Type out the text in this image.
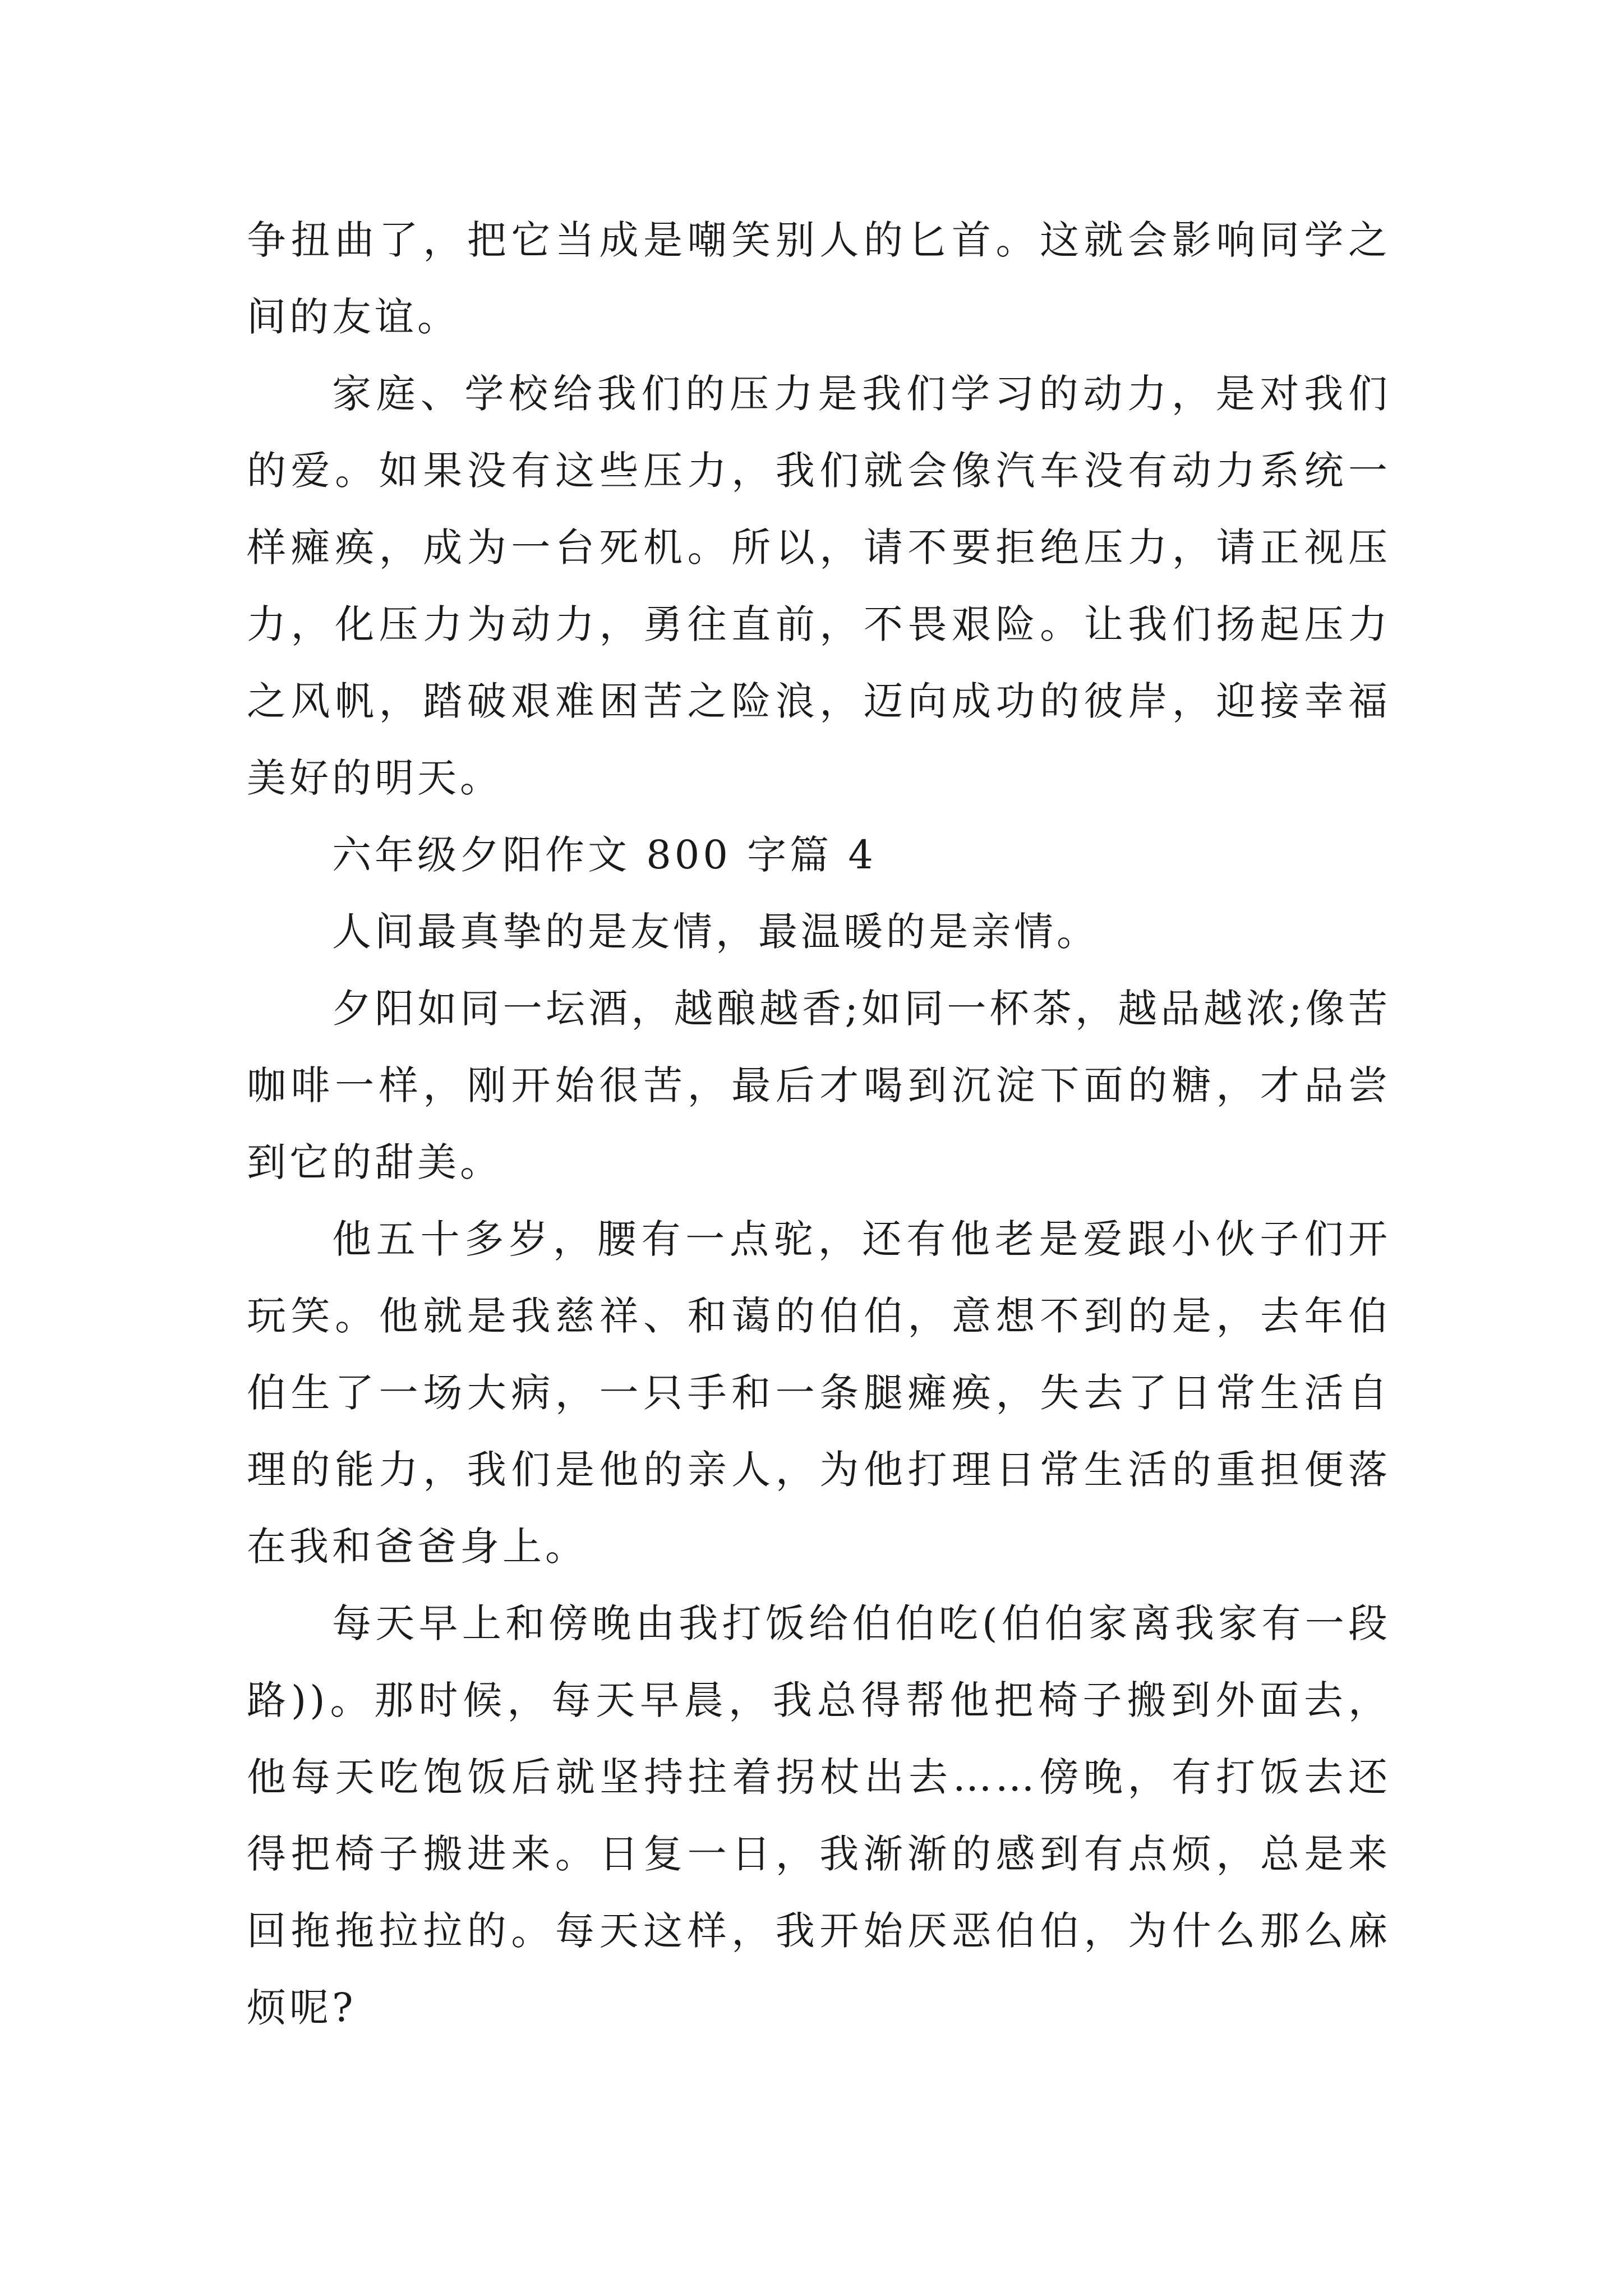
争扭曲了，把它当成是嘲笑别人的匕首。这就会影响同学之间的友谊。

家庭、学校给我们的压力是我们学习的动力，是对我们的爱。如果没有这些压力，我们就会像汽车没有动力系统一样瘫痪，成为一台死机。所以，请不要拒绝压力，请正视压力，化压力为动力，勇往直前，不畏艰险。让我们扬起压力之风帆，踏破艰难困苦之险浪，迈向成功的彼岸，迎接幸福美好的明天。

六年级夕阳作文 800 字篇 4

人间最真挚的是友情，最温暖的是亲情。

夕阳如同一坛酒，越酿越香;如同一杯茶，越品越浓;像苦咖啡一样，刚开始很苦，最后才喝到沉淀下面的糖，才品尝到它的甜美。

他五十多岁，腰有一点驼，还有他老是爱跟小伙子们开玩笑。他就是我慈祥、和蔼的伯伯，意想不到的是，去年伯伯生了一场大病，一只手和一条腿瘫痪，失去了日常生活自理的能力，我们是他的亲人，为他打理日常生活的重担便落在我和爸爸身上。

每天早上和傍晚由我打饭给伯伯吃(伯伯家离我家有一段路))。那时候，每天早晨，我总得帮他把椅子搬到外面去，他每天吃饱饭后就坚持拄着拐杖出去……傍晚，有打饭去还得把椅子搬进来。日复一日，我渐渐的感到有点烦，总是来回拖拖拉拉的。每天这样，我开始厌恶伯伯，为什么那么麻烦呢?
